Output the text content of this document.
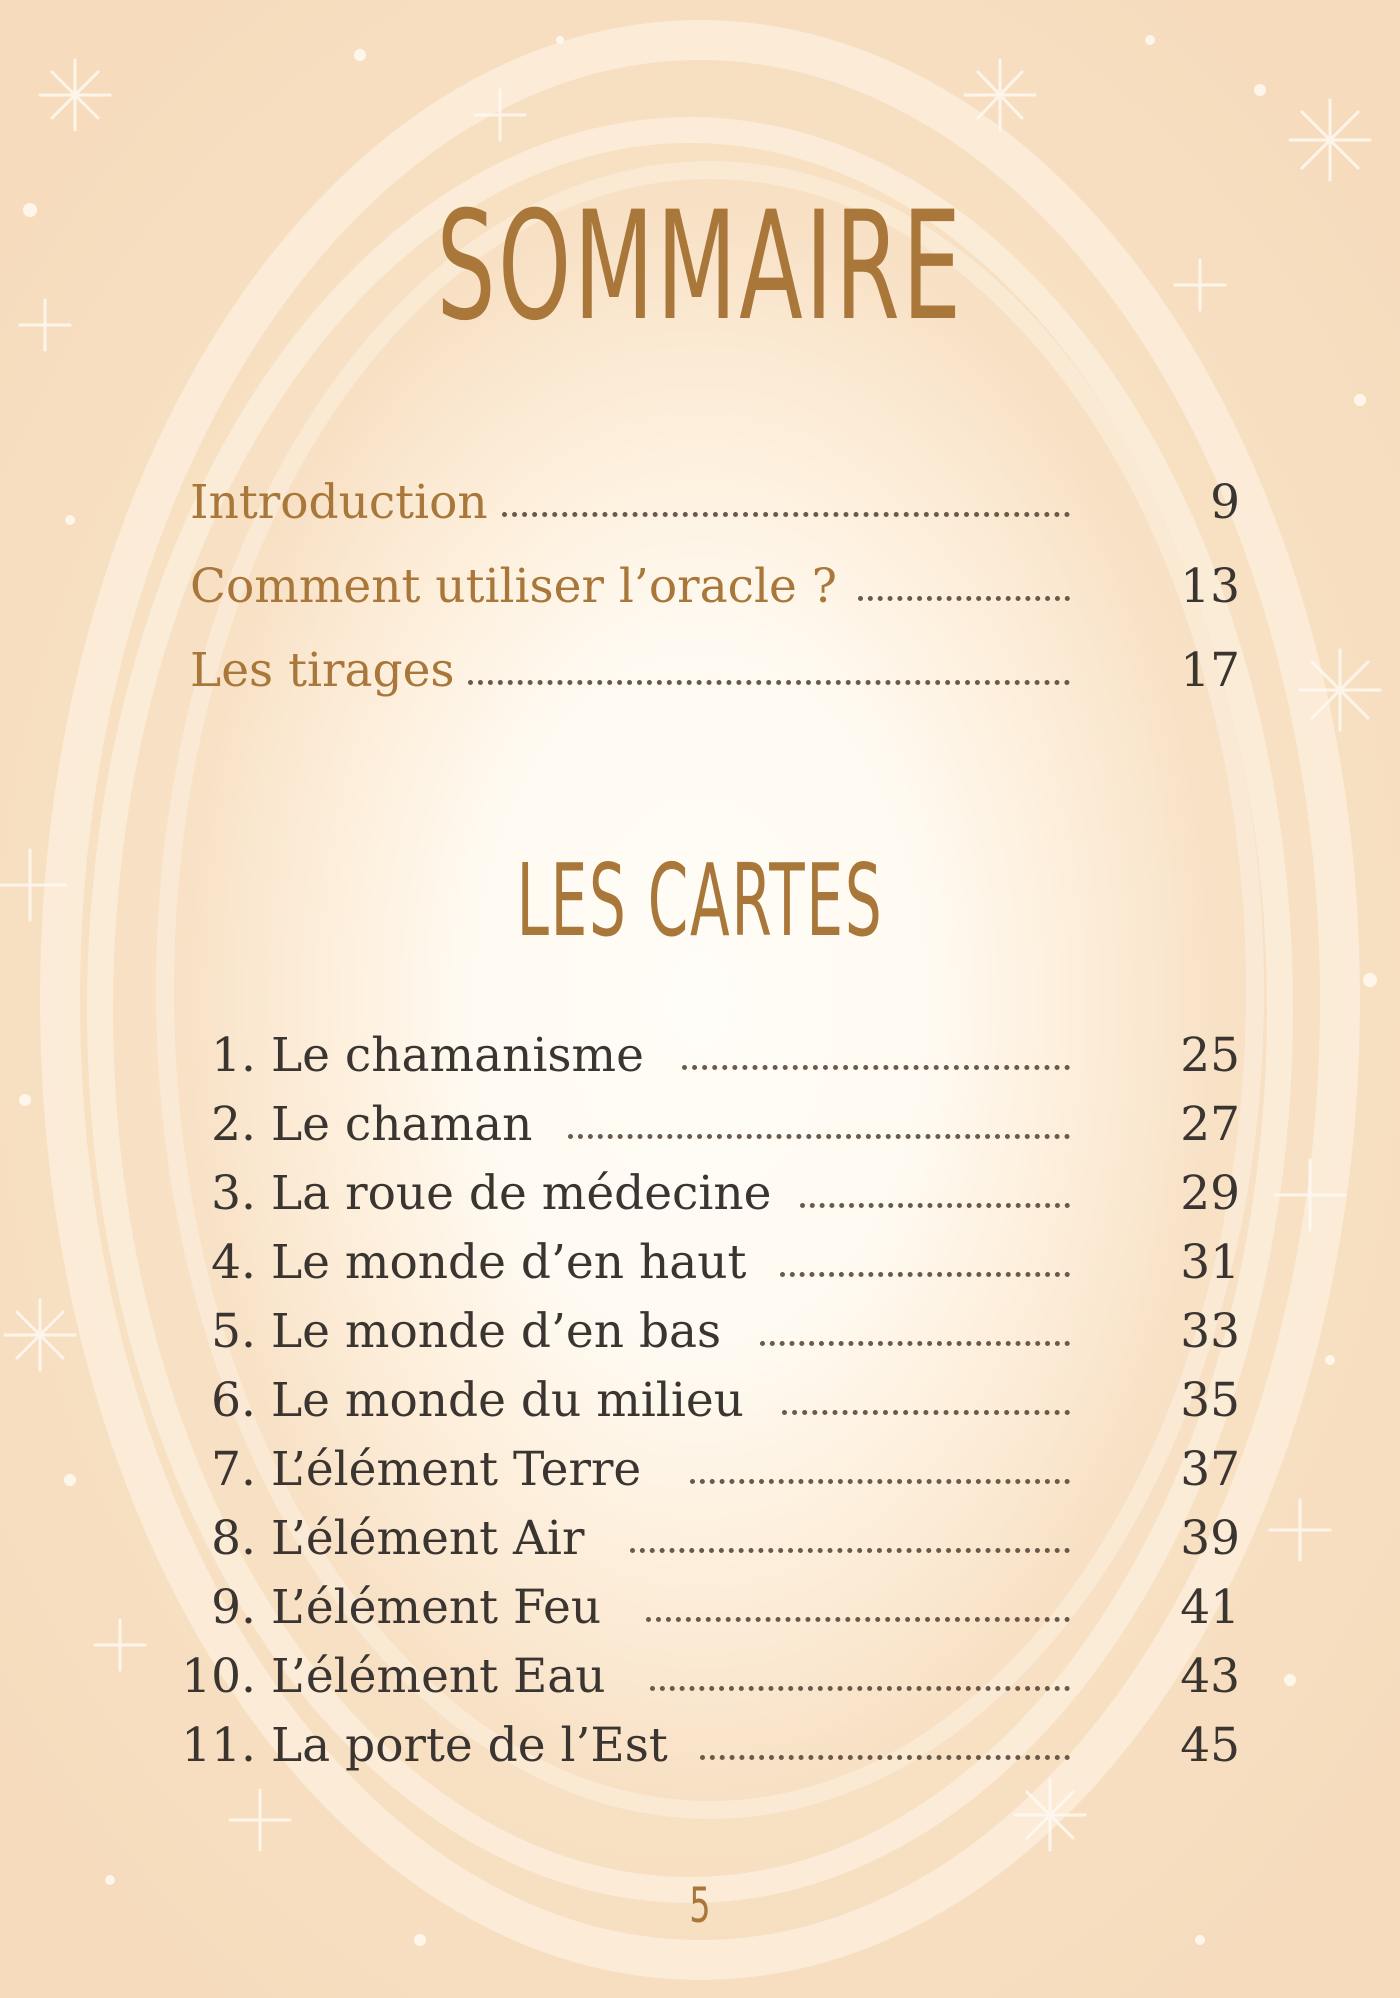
SOMMAIRE
Introduction	9
Comment utiliser l’oracle ?	13
Les tirages	17
LES CARTES
1. Le chamanisme	25
2. Le chaman	27
3. La roue de médecine	29
4. Le monde d’en haut	31
5. Le monde d’en bas	33
6. Le monde du milieu	35
7. L’élément Terre	37
8. L’élément Air	39
9. L’élément Feu	41
10. L’élément Eau	43
11. La porte de l’Est	45
5
